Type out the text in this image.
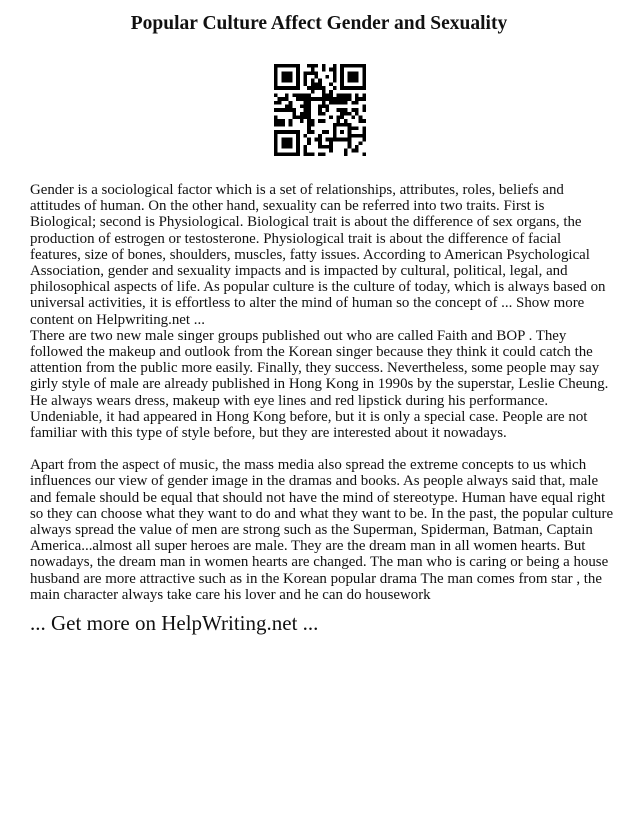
Popular Culture Affect Gender and Sexuality

Gender is a sociological factor which is a set of relationships, attributes, roles, beliefs and attitudes of human. On the other hand, sexuality can be referred into two traits. First is Biological; second is Physiological. Biological trait is about the difference of sex organs, the production of estrogen or testosterone. Physiological trait is about the difference of facial features, size of bones, shoulders, muscles, fatty issues. According to American Psychological Association, gender and sexuality impacts and is impacted by cultural, political, legal, and philosophical aspects of life. As popular culture is the culture of today, which is always based on universal activities, it is effortless to alter the mind of human so the concept of ... Show more content on Helpwriting.net ...

There are two new male singer groups published out who are called Faith and BOP . They followed the makeup and outlook from the Korean singer because they think it could catch the attention from the public more easily. Finally, they success. Nevertheless, some people may say girly style of male are already published in Hong Kong in 1990s by the superstar, Leslie Cheung. He always wears dress, makeup with eye lines and red lipstick during his performance. Undeniable, it had appeared in Hong Kong before, but it is only a special case. People are not familiar with this type of style before, but they are interested about it nowadays.

Apart from the aspect of music, the mass media also spread the extreme concepts to us which influences our view of gender image in the dramas and books. As people always said that, male and female should be equal that should not have the mind of stereotype. Human have equal right so they can choose what they want to do and what they want to be. In the past, the popular culture always spread the value of men are strong such as the Superman, Spiderman, Batman, Captain America...almost all super heroes are male. They are the dream man in all women hearts. But nowadays, the dream man in women hearts are changed. The man who is caring or being a house husband are more attractive such as in the Korean popular drama The man comes from star , the main character always take care his lover and he can do housework

... Get more on HelpWriting.net ...
